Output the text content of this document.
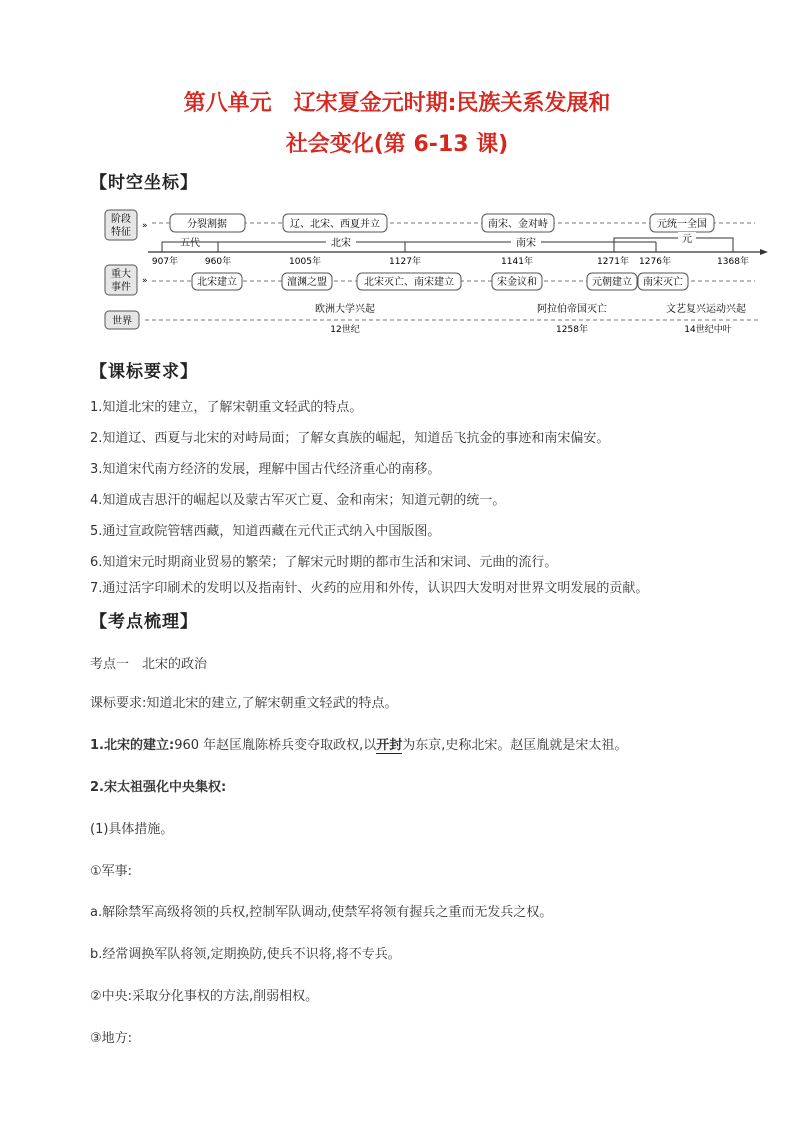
第八单元　辽宋夏金元时期:民族关系发展和
社会变化(第 6-13 课)
【时空坐标】
阶段
特征
重大
事件
世界
»
»
分裂割据	辽、北宋、西夏并立	南宋、金对峙	元统一全国
五代	北宋	南宋	元
907年	960年	1005年	1127年	1141年	1271年 1276年	1368年
北宋建立	澶渊之盟	北宋灭亡、南宋建立	宋金议和	元朝建立 南宋灭亡
欧洲大学兴起
12世纪
阿拉伯帝国灭亡
1258年
文艺复兴运动兴起
14世纪中叶
【课标要求】
1.知道北宋的建立，了解宋朝重文轻武的特点。
2.知道辽、西夏与北宋的对峙局面；了解女真族的崛起，知道岳飞抗金的事迹和南宋偏安。
3.知道宋代南方经济的发展，理解中国古代经济重心的南移。
4.知道成吉思汗的崛起以及蒙古军灭亡夏、金和南宋；知道元朝的统一。
5.通过宣政院管辖西藏，知道西藏在元代正式纳入中国版图。
6.知道宋元时期商业贸易的繁荣；了解宋元时期的都市生活和宋词、元曲的流行。
7.通过活字印刷术的发明以及指南针、火药的应用和外传，认识四大发明对世界文明发展的贡献。
【考点梳理】
考点一　北宋的政治
课标要求:知道北宋的建立,了解宋朝重文轻武的特点。
1.北宋的建立:960 年赵匡胤陈桥兵变夺取政权,以开封为东京,史称北宋。赵匡胤就是宋太祖。
2.宋太祖强化中央集权:
(1)具体措施。
①军事:
a.解除禁军高级将领的兵权,控制军队调动,使禁军将领有握兵之重而无发兵之权。
b.经常调换军队将领,定期换防,使兵不识将,将不专兵。
②中央:采取分化事权的方法,削弱相权。
③地方:
